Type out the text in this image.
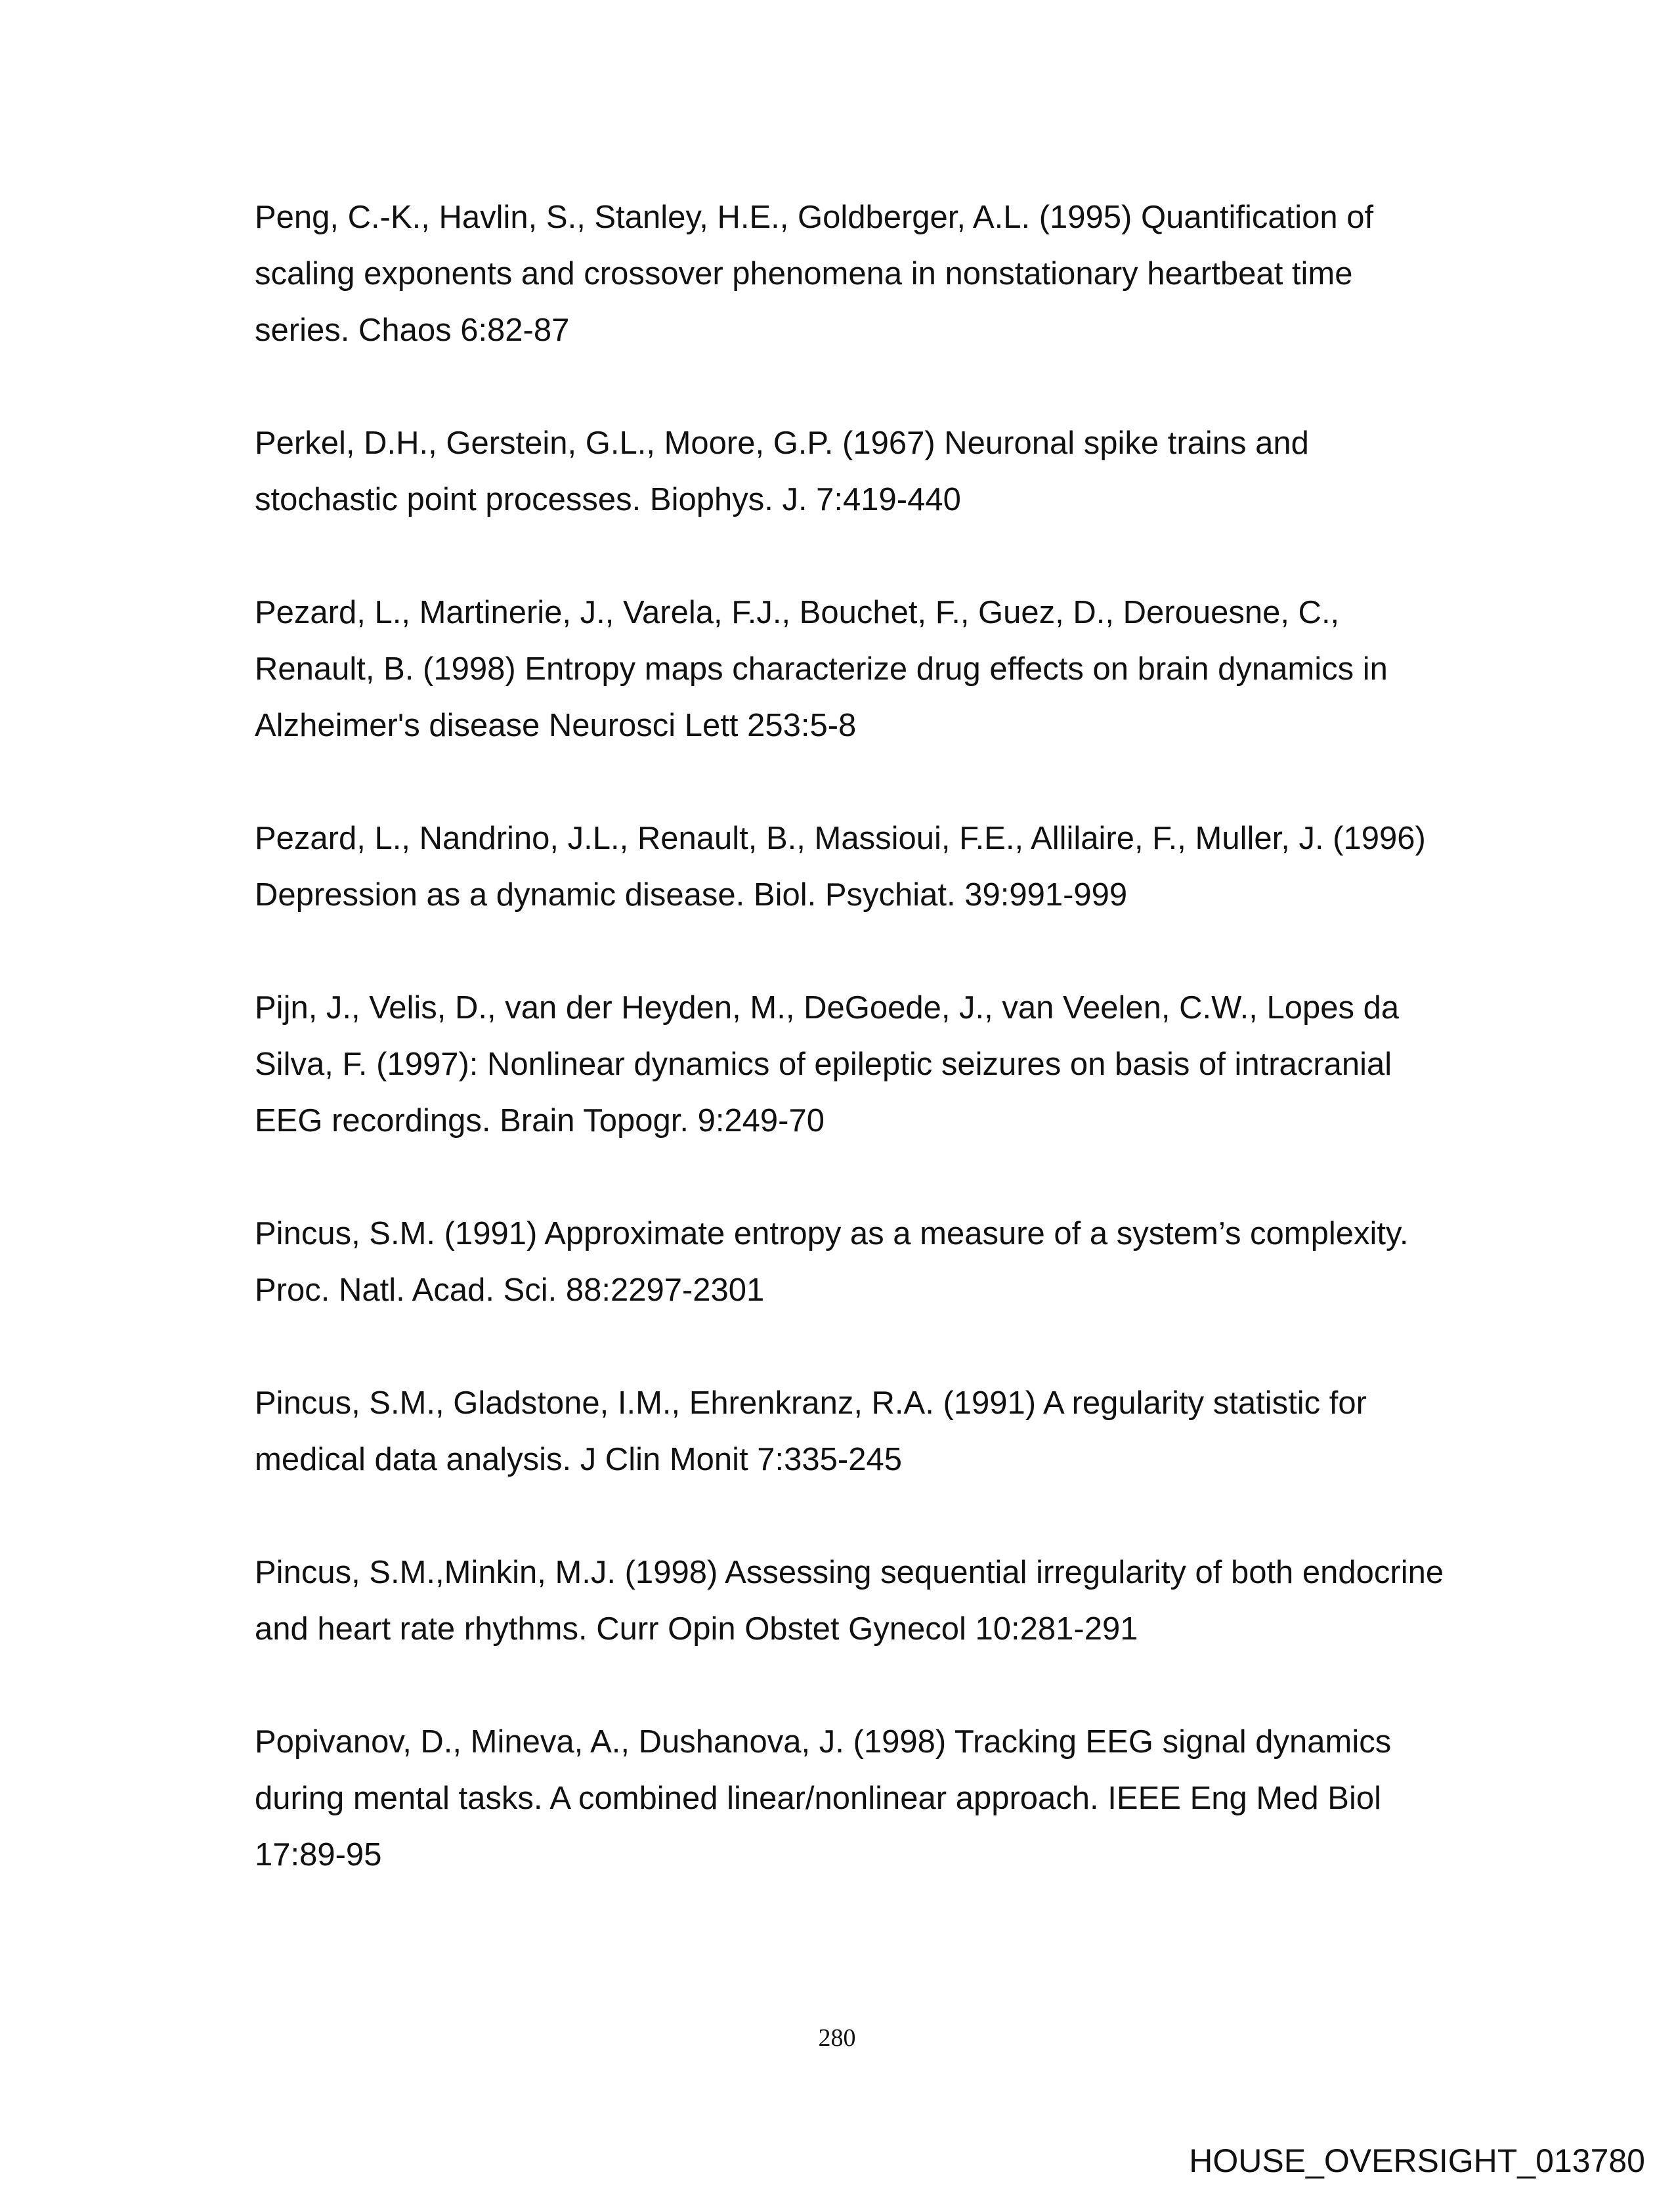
Peng, C.-K., Havlin, S., Stanley, H.E., Goldberger, A.L. (1995) Quantification of
scaling exponents and crossover phenomena in nonstationary heartbeat time
series. Chaos 6:82-87

Perkel, D.H., Gerstein, G.L., Moore, G.P. (1967) Neuronal spike trains and
stochastic point processes. Biophys. J. 7:419-440

Pezard, L., Martinerie, J., Varela, F.J., Bouchet, F., Guez, D., Derouesne, C.,
Renault, B. (1998) Entropy maps characterize drug effects on brain dynamics in
Alzheimer's disease Neurosci Lett 253:5-8

Pezard, L., Nandrino, J.L., Renault, B., Massioui, F.E., Allilaire, F., Muller, J. (1996)
Depression as a dynamic disease. Biol. Psychiat. 39:991-999

Pijn, J., Velis, D., van der Heyden, M., DeGoede, J., van Veelen, C.W., Lopes da
Silva, F. (1997): Nonlinear dynamics of epileptic seizures on basis of intracranial
EEG recordings. Brain Topogr. 9:249-70

Pincus, S.M. (1991) Approximate entropy as a measure of a system’s complexity.
Proc. Natl. Acad. Sci. 88:2297-2301

Pincus, S.M., Gladstone, I.M., Ehrenkranz, R.A. (1991) A regularity statistic for
medical data analysis. J Clin Monit 7:335-245

Pincus, S.M.,Minkin, M.J. (1998) Assessing sequential irregularity of both endocrine
and heart rate rhythms. Curr Opin Obstet Gynecol 10:281-291

Popivanov, D., Mineva, A., Dushanova, J. (1998) Tracking EEG signal dynamics
during mental tasks. A combined linear/nonlinear approach. IEEE Eng Med Biol
17:89-95

280
HOUSE_OVERSIGHT_013780
